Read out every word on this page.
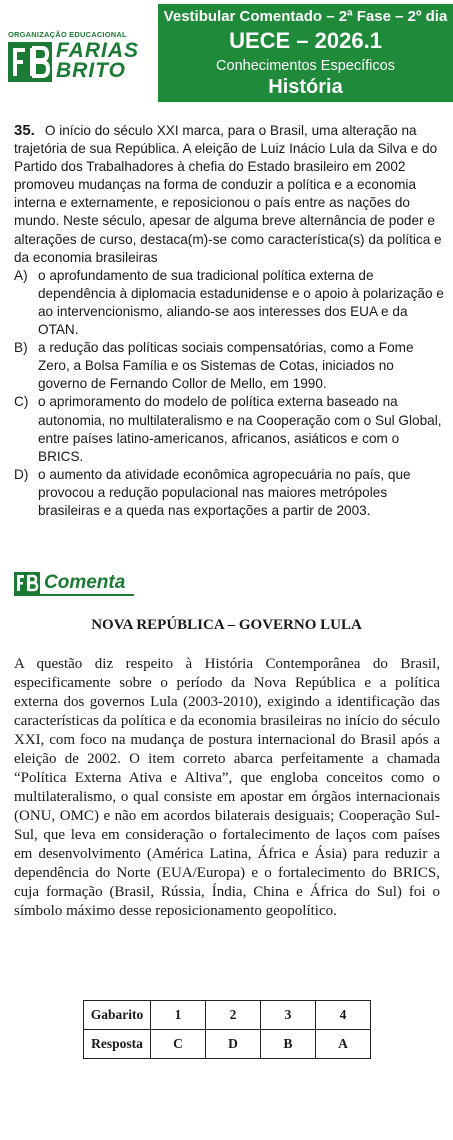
ORGANIZAÇÃO EDUCACIONAL
FARIAS
BRITO
Vestibular Comentado – 2ª Fase – 2º dia
UECE – 2026.1
Conhecimentos Específicos
História

35. O início do século XXI marca, para o Brasil, uma alteração na trajetória de sua República. A eleição de Luiz Inácio Lula da Silva e do Partido dos Trabalhadores à chefia do Estado brasileiro em 2002 promoveu mudanças na forma de conduzir a política e a economia interna e externamente, e reposicionou o país entre as nações do mundo. Neste século, apesar de alguma breve alternância de poder e alterações de curso, destaca(m)-se como característica(s) da política e da economia brasileiras

A) o aprofundamento de sua tradicional política externa de dependência à diplomacia estadunidense e o apoio à polarização e ao intervencionismo, aliando-se aos interesses dos EUA e da OTAN.

B) a redução das políticas sociais compensatórias, como a Fome Zero, a Bolsa Família e os Sistemas de Cotas, iniciados no governo de Fernando Collor de Mello, em 1990.

C) o aprimoramento do modelo de política externa baseado na autonomia, no multilateralismo e na Cooperação com o Sul Global, entre países latino-americanos, africanos, asiáticos e com o BRICS.

D) o aumento da atividade econômica agropecuária no país, que provocou a redução populacional nas maiores metrópoles brasileiras e a queda nas exportações a partir de 2003.

Comenta
NOVA REPÚBLICA – GOVERNO LULA

A questão diz respeito à História Contemporânea do Brasil, especificamente sobre o período da Nova República e a política externa dos governos Lula (2003-2010), exigindo a identificação das características da política e da economia brasileiras no início do século XXI, com foco na mudança de postura internacional do Brasil após a eleição de 2002. O item correto abarca perfeitamente a chamada “Política Externa Ativa e Altiva”, que engloba conceitos como o multilateralismo, o qual consiste em apostar em órgãos internacionais (ONU, OMC) e não em acordos bilaterais desiguais; Cooperação Sul-Sul, que leva em consideração o fortalecimento de laços com países em desenvolvimento (América Latina, África e Ásia) para reduzir a dependência do Norte (EUA/Europa) e o fortalecimento do BRICS, cuja formação (Brasil, Rússia, Índia, China e África do Sul) foi o símbolo máximo desse reposicionamento geopolítico.

Gabarito	1	2	3	4
Resposta	C	D	B	A
